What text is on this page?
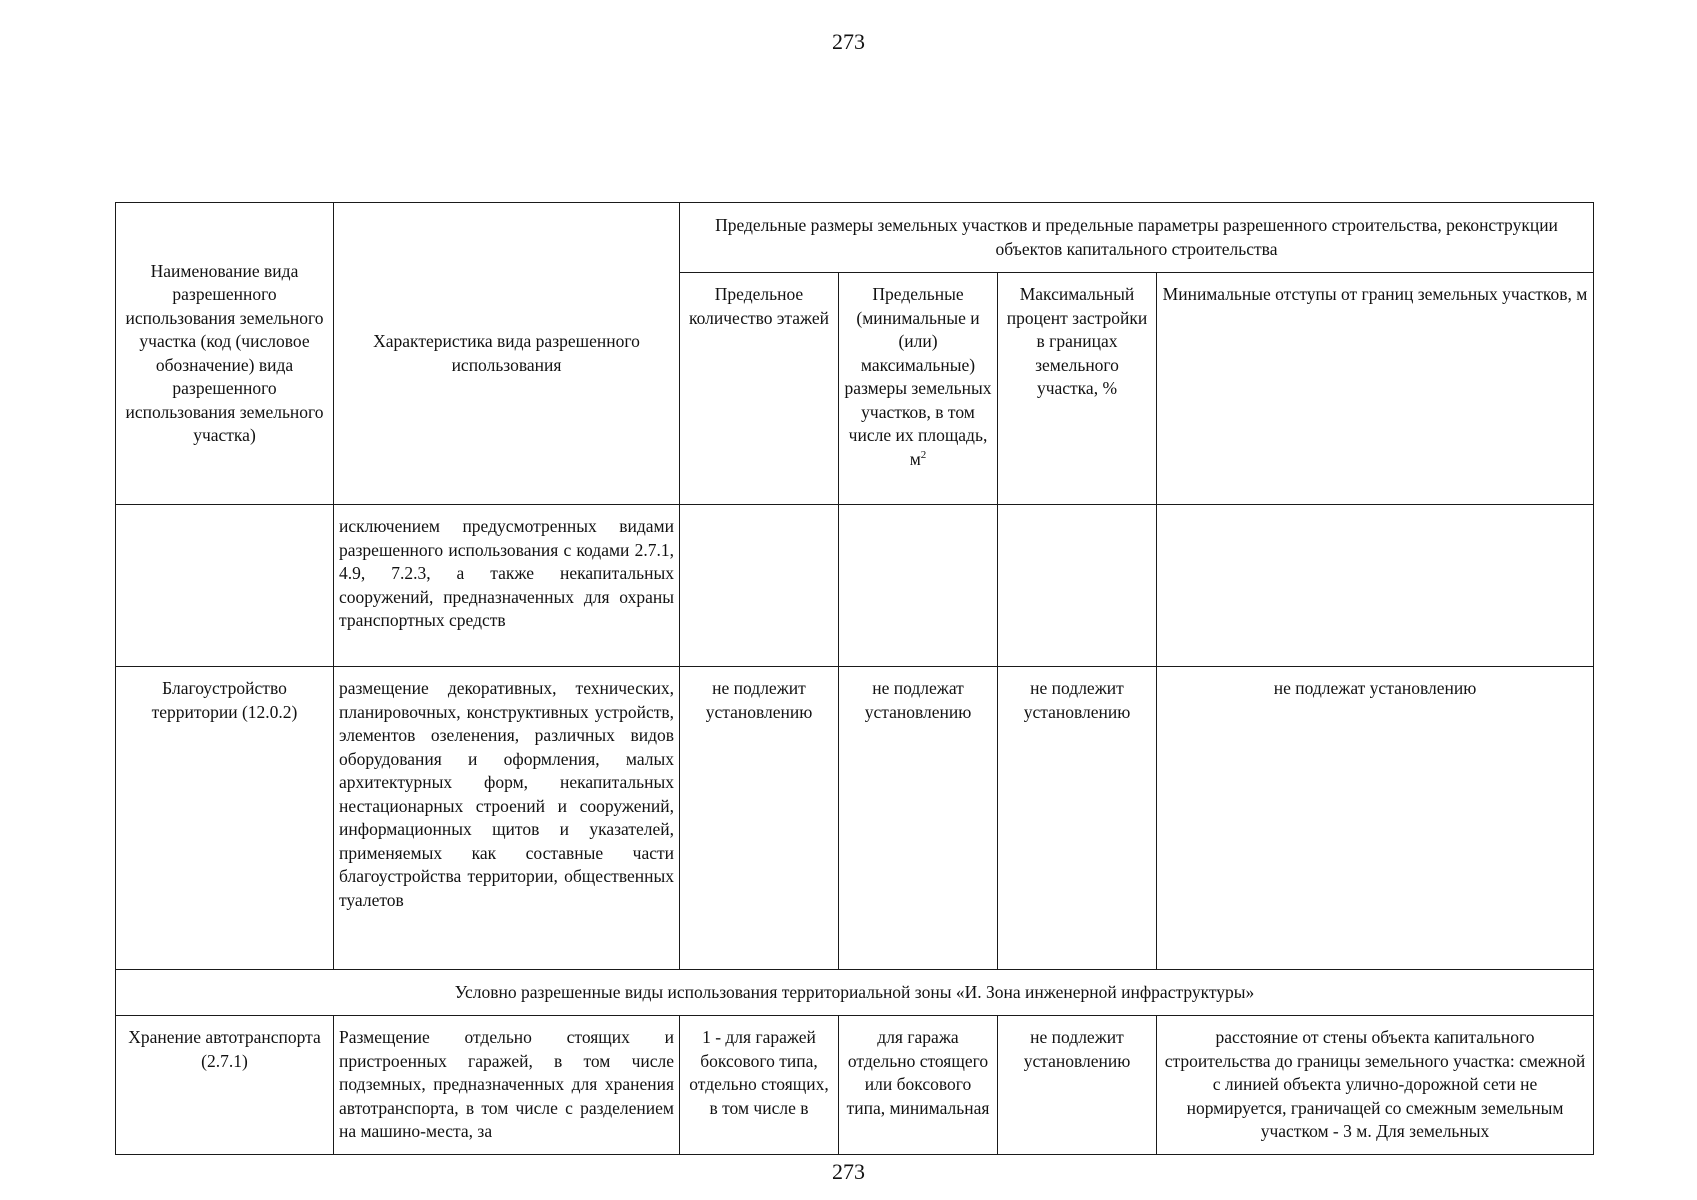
273
Наименование вида разрешенного использования земельного участка (код (числовое обозначение) вида разрешенного использования земельного участка)	Характеристика вида разрешенного использования	Предельные размеры земельных участков и предельные параметры разрешенного строительства, реконструкции объектов капитального строительства			
		Предельное количество этажей	Предельные (минимальные и (или) максимальные) размеры земельных участков, в том числе их площадь, $м^2$	Максимальный процент застройки в границах земельного участка, %	Минимальные отступы от границ земельных участков, м
	исключением предусмотренных видами разрешенного использования с кодами 2.7.1, 4.9, 7.2.3, а также некапитальных сооружений, предназначенных для охраны транспортных средств				
Благоустройство территории (12.0.2)	размещение декоративных, технических, планировочных, конструктивных устройств, элементов озеленения, различных видов оборудования и оформления, малых архитектурных форм, некапитальных нестационарных строений и сооружений, информационных щитов и указателей, применяемых как составные части благоустройства территории, общественных туалетов	не подлежит установлению	не подлежат установлению	не подлежит установлению	не подлежат установлению
Условно разрешенные виды использования территориальной зоны «И. Зона инженерной инфраструктуры»					
Хранение автотранспорта (2.7.1)	Размещение отдельно стоящих и пристроенных гаражей, в том числе подземных, предназначенных для хранения автотранспорта, в том числе с разделением на машино-места, за	1 - для гаражей боксового типа, отдельно стоящих, в том числе в	для гаража отдельно стоящего или боксового типа, минимальная	не подлежит установлению	расстояние от стены объекта капитального строительства до границы земельного участка: смежной с линией объекта улично-дорожной сети не нормируется, граничащей со смежным земельным участком - 3 м. Для земельных
273
